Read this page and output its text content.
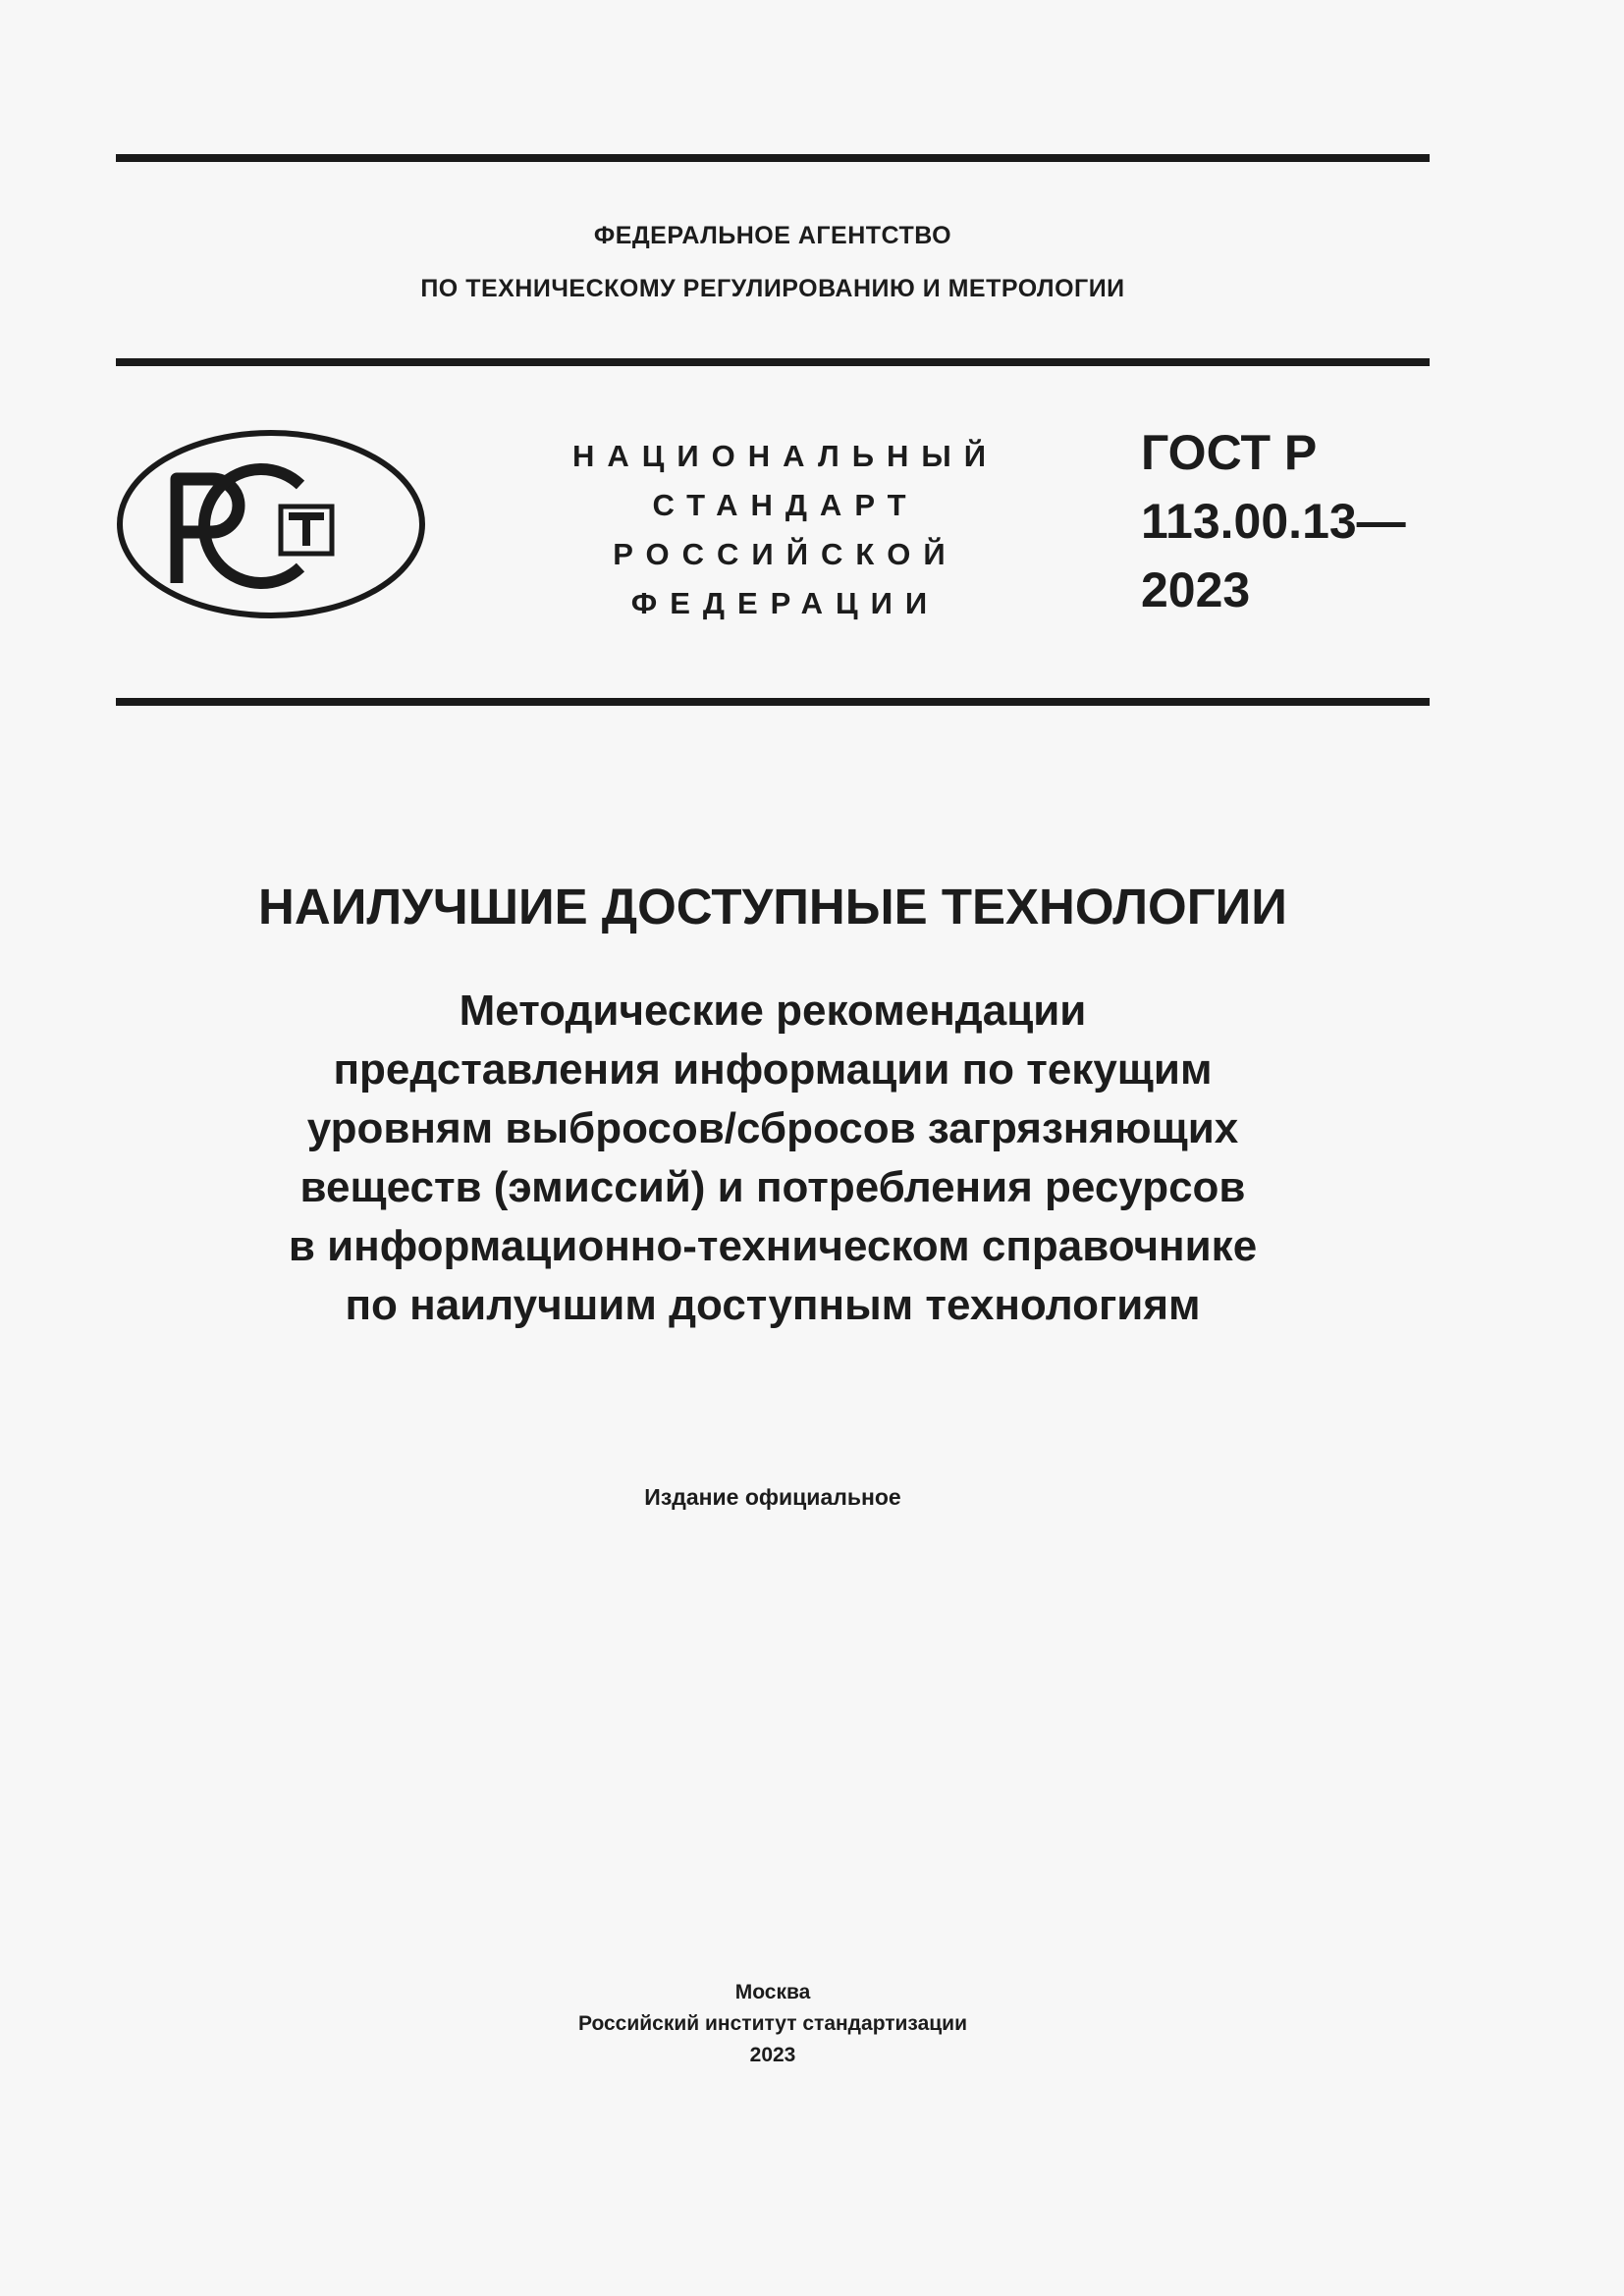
ФЕДЕРАЛЬНОЕ АГЕНТСТВО
ПО ТЕХНИЧЕСКОМУ РЕГУЛИРОВАНИЮ И МЕТРОЛОГИИ
НАЦИОНАЛЬНЫЙ
СТАНДАРТ
РОССИЙСКОЙ
ФЕДЕРАЦИИ
ГОСТ Р
113.00.13—
2023
НАИЛУЧШИЕ ДОСТУПНЫЕ ТЕХНОЛОГИИ
Методические рекомендации
представления информации по текущим
уровням выбросов/сбросов загрязняющих
веществ (эмиссий) и потребления ресурсов
в информационно-техническом справочнике
по наилучшим доступным технологиям
Издание официальное
Москва
Российский институт стандартизации
2023
